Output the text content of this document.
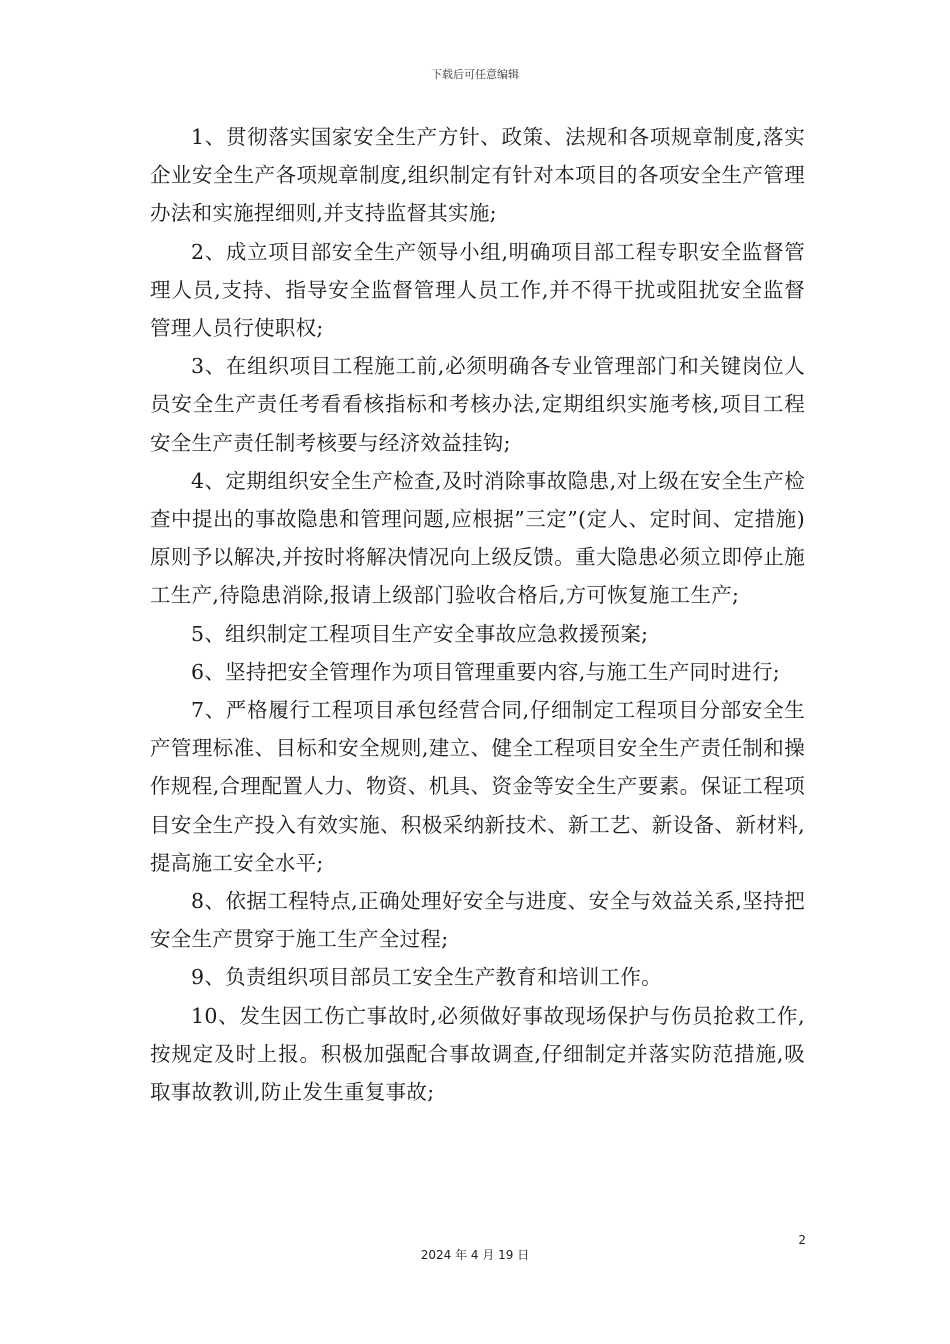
下载后可任意编辑

1、贯彻落实国家安全生产方针、政策、法规和各项规章制度,落实企业安全生产各项规章制度,组织制定有针对本项目的各项安全生产管理办法和实施捏细则,并支持监督其实施;

2、成立项目部安全生产领导小组,明确项目部工程专职安全监督管理人员,支持、指导安全监督管理人员工作,并不得干扰或阻扰安全监督管理人员行使职权;

3、在组织项目工程施工前,必须明确各专业管理部门和关键岗位人员安全生产责任考看看核指标和考核办法,定期组织实施考核,项目工程安全生产责任制考核要与经济效益挂钩;

4、定期组织安全生产检查,及时消除事故隐患,对上级在安全生产检查中提出的事故隐患和管理问题,应根据”三定”(定人、定时间、定措施)原则予以解决,并按时将解决情况向上级反馈。重大隐患必须立即停止施工生产,待隐患消除,报请上级部门验收合格后,方可恢复施工生产;

5、组织制定工程项目生产安全事故应急救援预案;

6、坚持把安全管理作为项目管理重要内容,与施工生产同时进行;

7、严格履行工程项目承包经营合同,仔细制定工程项目分部安全生产管理标准、目标和安全规则,建立、健全工程项目安全生产责任制和操作规程,合理配置人力、物资、机具、资金等安全生产要素。保证工程项目安全生产投入有效实施、积极采纳新技术、新工艺、新设备、新材料,提高施工安全水平;

8、依据工程特点,正确处理好安全与进度、安全与效益关系,坚持把安全生产贯穿于施工生产全过程;

9、负责组织项目部员工安全生产教育和培训工作。

10、发生因工伤亡事故时,必须做好事故现场保护与伤员抢救工作,按规定及时上报。积极加强配合事故调查,仔细制定并落实防范措施,吸取事故教训,防止发生重复事故;

2
2024 年 4 月 19 日
